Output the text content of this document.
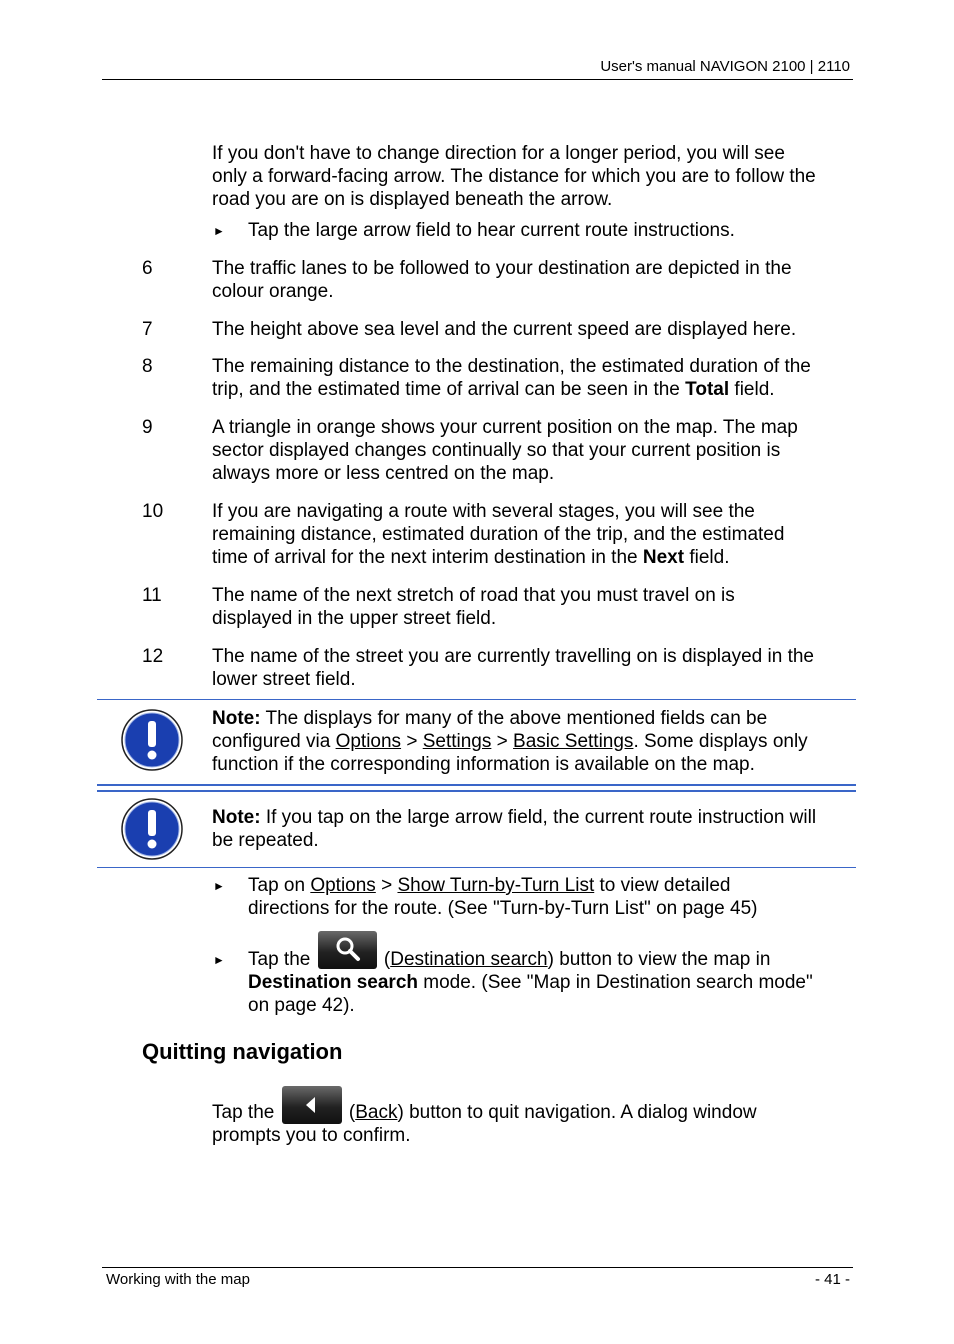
User's manual NAVIGON 2100 | 2110
If you don't have to change direction for a longer period, you will see
only a forward-facing arrow. The distance for which you are to follow the
road you are on is displayed beneath the arrow.
► Tap the large arrow field to hear current route instructions.
6	The traffic lanes to be followed to your destination are depicted in the
colour orange.
7	The height above sea level and the current speed are displayed here.
8	The remaining distance to the destination, the estimated duration of the
trip, and the estimated time of arrival can be seen in the Total field.
9	A triangle in orange shows your current position on the map. The map
sector displayed changes continually so that your current position is
always more or less centred on the map.
10	If you are navigating a route with several stages, you will see the
remaining distance, estimated duration of the trip, and the estimated
time of arrival for the next interim destination in the Next field.
11	The name of the next stretch of road that you must travel on is
displayed in the upper street field.
12	The name of the street you are currently travelling on is displayed in the
lower street field.
Note: The displays for many of the above mentioned fields can be
configured via Options > Settings > Basic Settings. Some displays only
function if the corresponding information is available on the map.
Note: If you tap on the large arrow field, the current route instruction will
be repeated.
► Tap on Options > Show Turn-by-Turn List to view detailed
directions for the route. (See "Turn-by-Turn List" on page 45)
► Tap the	(Destination search) button to view the map in
Destination search mode. (See "Map in Destination search mode"
on page 42).
Quitting navigation
Tap the	(Back) button to quit navigation. A dialog window
prompts you to confirm.
Working with the map	- 41 -
